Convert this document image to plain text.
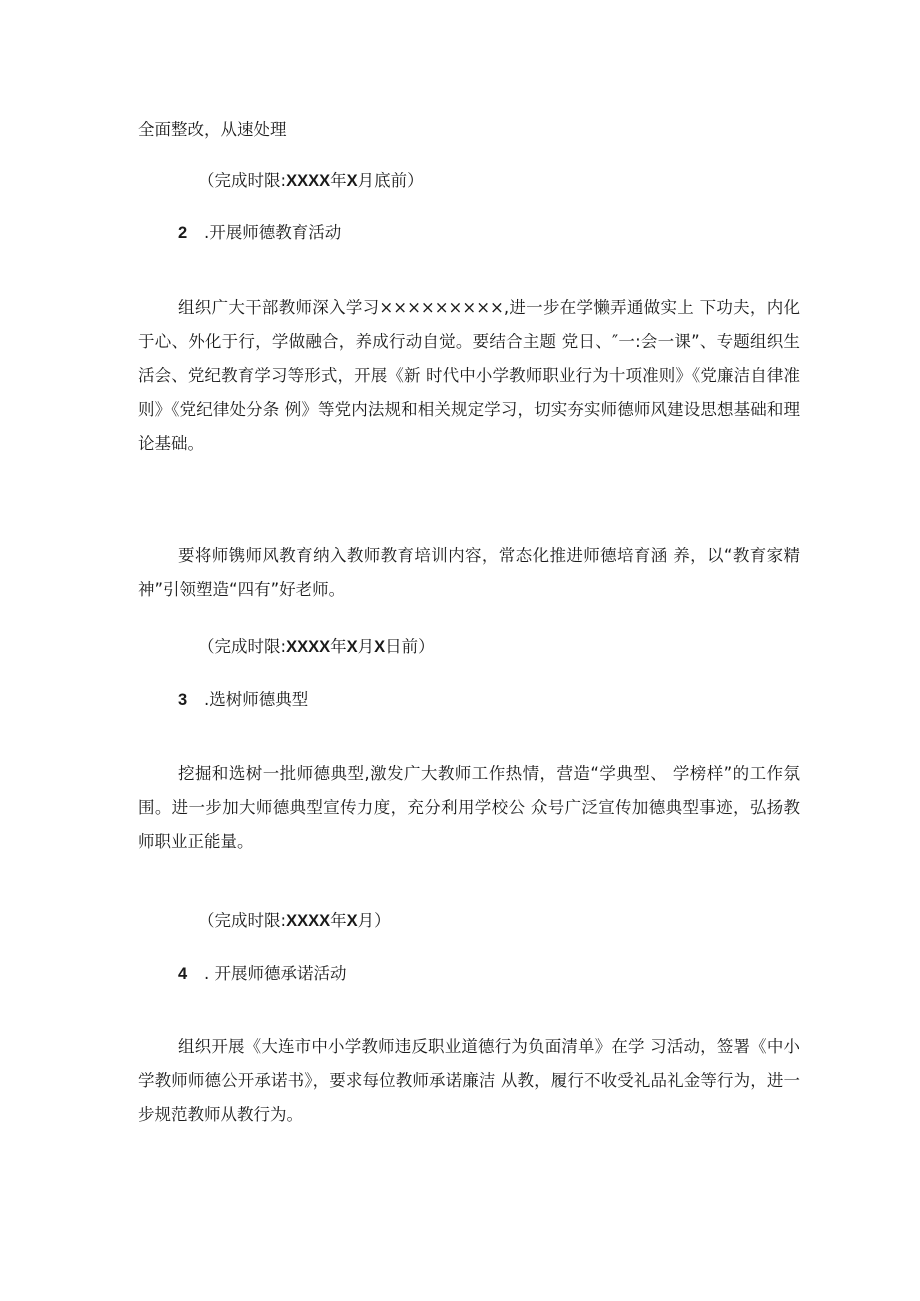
全面整改，从速处理
（完成时限:XXXX年X月底前）
2 .开展师德教育活动

组织广大干部教师深入学习×××××××××,进一步在学懒弄通做实上 下功夫，内化于心、外化于行，学做融合，养成行动自觉。要结合主题 党日、″一:会一课”、专题组织生活会、党纪教育学习等形式，开展《新 时代中小学教师职业行为十项准则》《党廉洁自律准则》《党纪律处分条 例》等党内法规和相关规定学习，切实夯实师德师风建设思想基础和理 论基础。

要将师镌师风教育纳入教师教育培训内容，常态化推进师德培育涵 养，以“教育家精神”引领塑造“四有”好老师。

（完成时限:XXXX年X月X日前）
3 .选树师德典型

挖掘和选树一批师德典型,激发广大教师工作热情，营造“学典型、 学榜样”的工作氛围。进一步加大师德典型宣传力度，充分利用学校公 众号广泛宣传加德典型事迹，弘扬教师职业正能量。

（完成时限:XXXX年X月）
4 . 开展师德承诺活动

组织开展《大连市中小学教师违反职业道德行为负面清单》在学 习活动，签署《中小学教师师德公开承诺书》，要求每位教师承诺廉洁 从教，履行不收受礼品礼金等行为，进一步规范教师从教行为。
